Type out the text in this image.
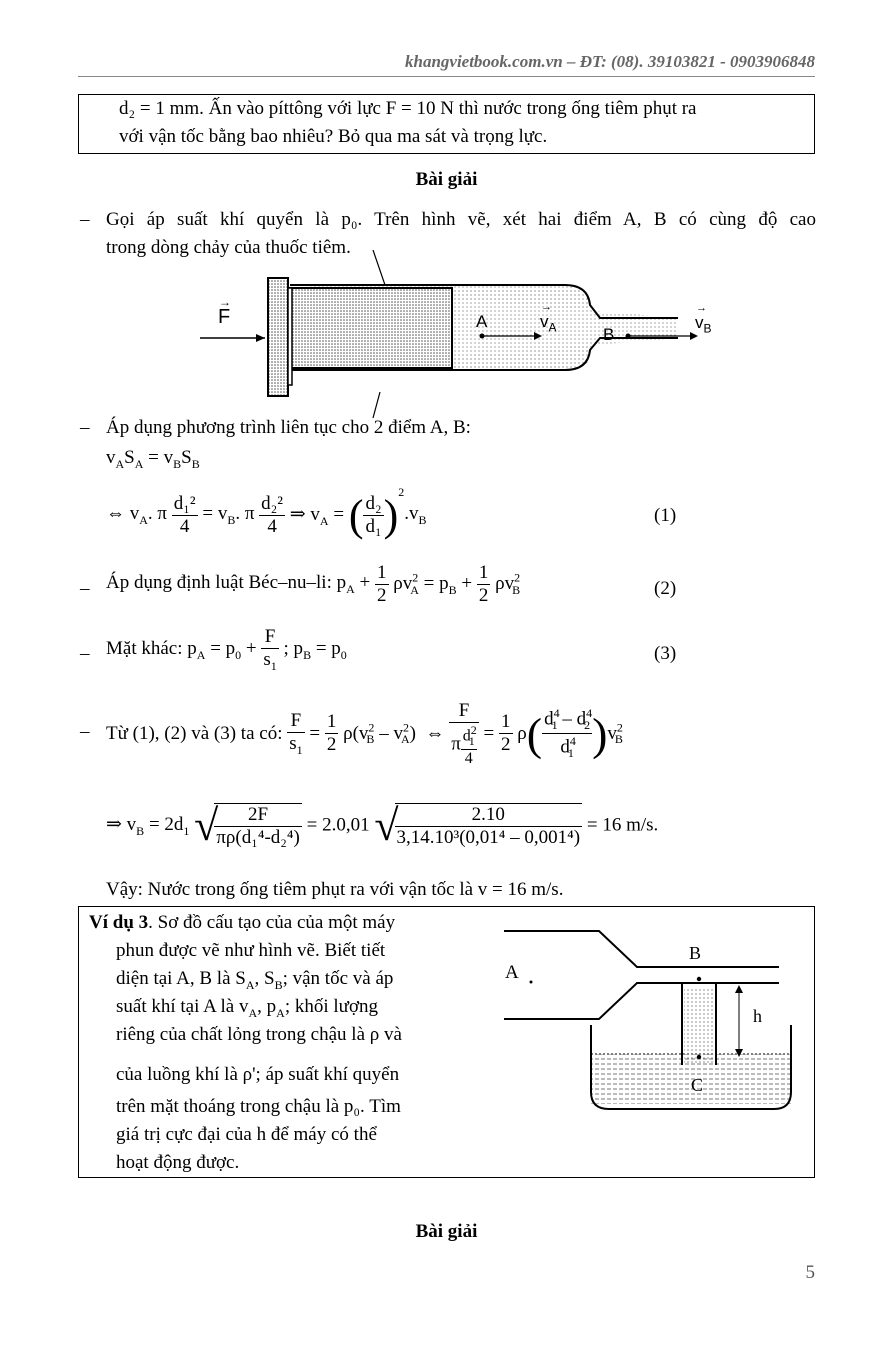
khangvietbook.com.vn – ĐT: (08). 39103821 - 0903906848
d₂ = 1 mm. Ấn vào píttông với lực F = 10 N thì nước trong ống tiêm phụt ra
với vận tốc bằng bao nhiêu? Bỏ qua ma sát và trọng lực.
Bài giải
– Gọi áp suất khí quyển là p₀. Trên hình vẽ, xét hai điểm A, B có cùng độ cao
trong dòng chảy của thuốc tiêm.
F
→
A	$v_A$
→
B
$v_B$
→
– Áp dụng phương trình liên tục cho 2 điểm A, B:
$v_AS_A = v_BS_B$
⇔ $v_A$. π $\frac{\text{d₁²}}{4} = v_B$. π $\frac{\text{d₂²}}{4}$ ⇒ $v_A$ = ( $\frac{\text{d₂}}{\text{d₁}} )^2.v_B$	(1)
– Áp dụng định luật Béc–nu–li: $p_A + \frac{1}{2} \rho v^2_A = p_B + \frac{1}{2} \rho v^2_B$	(2)
– Mặt khác: $p_A = p_0 + \frac{F}{s_1}$ ; $p_B = p_0$	(3)
– Từ (1), (2) và (3) ta có: $\frac{F}{s_1} = \frac{1}{2} \rho(v^2_B - v^2_A)$  ⇔ $\frac{F}{\pi \frac{d^2_1}{4}} = \frac{1}{2} \rho( \frac{d^4_1 - d^4_2}{d^4_1} )v^2_B$
⇒ $v_B = 2d_1$ √
$\frac{2F}{\text{πρ(d₁⁴-d₂⁴)}} = 2.0,01$ √
$\frac{2.10}{\text{3,14.10³(0,01⁴ – 0,001⁴)}} = 16$ m/s.
Vậy: Nước trong ống tiêm phụt ra với vận tốc là v = 16 m/s.
Ví dụ 3. Sơ đồ cấu tạo của của một máy
phun được vẽ như hình vẽ. Biết tiết
diện tại A, B là $S_A$, $S_B$; vận tốc và áp
suất khí tại A là $v_A$, $p_A$; khối lượng
riêng của chất lỏng trong chậu là ρ và
của luồng khí là ρ'; áp suất khí quyển
trên mặt thoáng trong chậu là p₀. Tìm
giá trị cực đại của h để máy có thể
hoạt động được.
A
B
C
h
Bài giải
5
